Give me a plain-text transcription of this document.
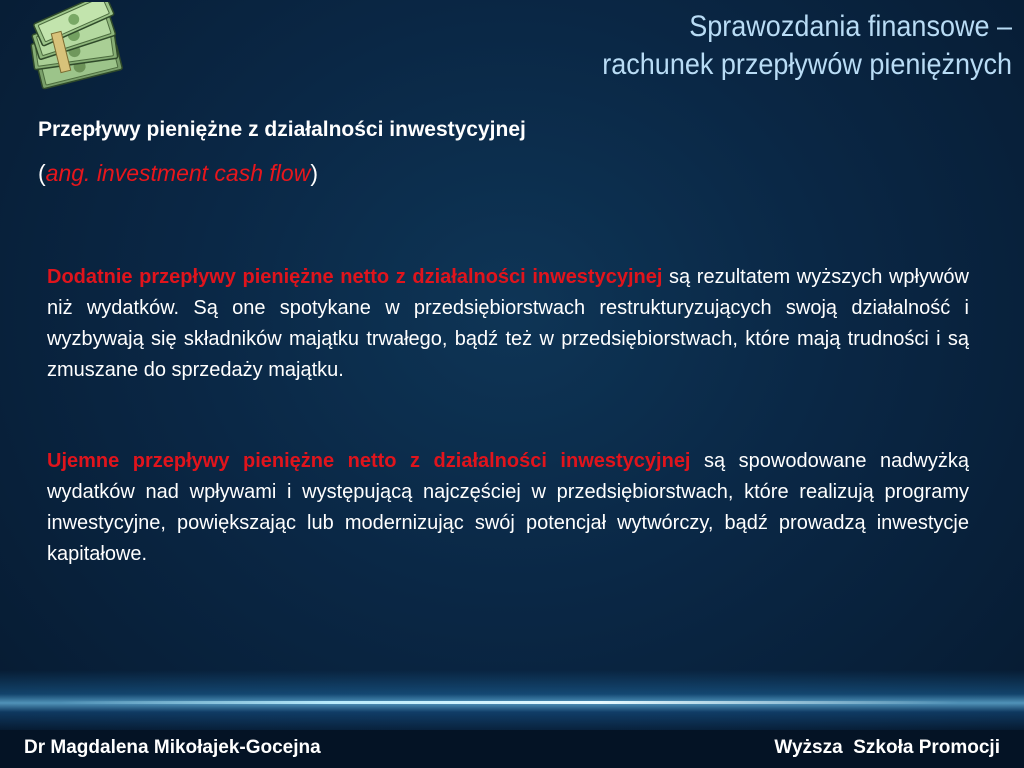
Sprawozdania finansowe –
rachunek przepływów pieniężnych
Przepływy pieniężne z działalności inwestycyjnej
(ang. investment cash flow)
Dodatnie przepływy pieniężne netto z działalności inwestycyjnej są rezultatem wyższych wpływów niż wydatków. Są one spotykane w przedsiębiorstwach restrukturyzujących swoją działalność i wyzbywają się składników majątku trwałego, bądź też w przedsiębiorstwach, które mają trudności i są zmuszane do sprzedaży majątku.
Ujemne przepływy pieniężne netto z działalności inwestycyjnej są spowodowane nadwyżką wydatków nad wpływami i występującą najczęściej w przedsiębiorstwach, które realizują programy inwestycyjne, powiększając lub modernizując swój potencjał wytwórczy, bądź prowadzą inwestycje kapitałowe.
Dr Magdalena Mikołajek-Gocejna	Wyższa  Szkoła Promocji
